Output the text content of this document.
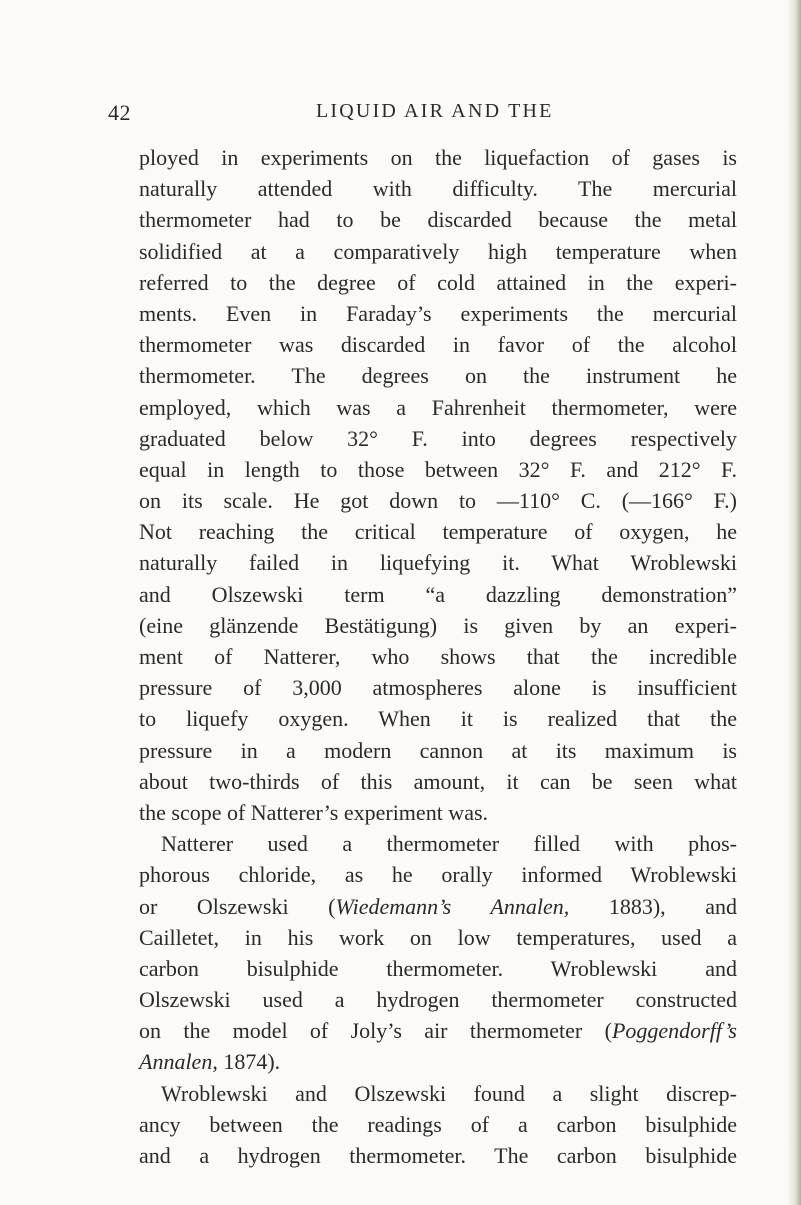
42	LIQUID AIR AND THE
ployed in experiments on the liquefaction of gases is
naturally attended with difficulty. The mercurial
thermometer had to be discarded because the metal
solidified at a comparatively high temperature when
referred to the degree of cold attained in the experi-
ments. Even in Faraday’s experiments the mercurial
thermometer was discarded in favor of the alcohol
thermometer. The degrees on the instrument he
employed, which was a Fahrenheit thermometer, were
graduated below 32° F. into degrees respectively
equal in length to those between 32° F. and 212° F.
on its scale. He got down to —110° C. (—166° F.)
Not reaching the critical temperature of oxygen, he
naturally failed in liquefying it. What Wroblewski
and Olszewski term “a dazzling demonstration”
(eine glänzende Bestätigung) is given by an experi-
ment of Natterer, who shows that the incredible
pressure of 3,000 atmospheres alone is insufficient
to liquefy oxygen. When it is realized that the
pressure in a modern cannon at its maximum is
about two-thirds of this amount, it can be seen what
the scope of Natterer’s experiment was.
Natterer used a thermometer filled with phos-
phorous chloride, as he orally informed Wroblewski
or Olszewski (Wiedemann’s Annalen, 1883), and
Cailletet, in his work on low temperatures, used a
carbon bisulphide thermometer. Wroblewski and
Olszewski used a hydrogen thermometer constructed
on the model of Joly’s air thermometer (Poggendorff’s
Annalen, 1874).
Wroblewski and Olszewski found a slight discrep-
ancy between the readings of a carbon bisulphide
and a hydrogen thermometer. The carbon bisulphide
